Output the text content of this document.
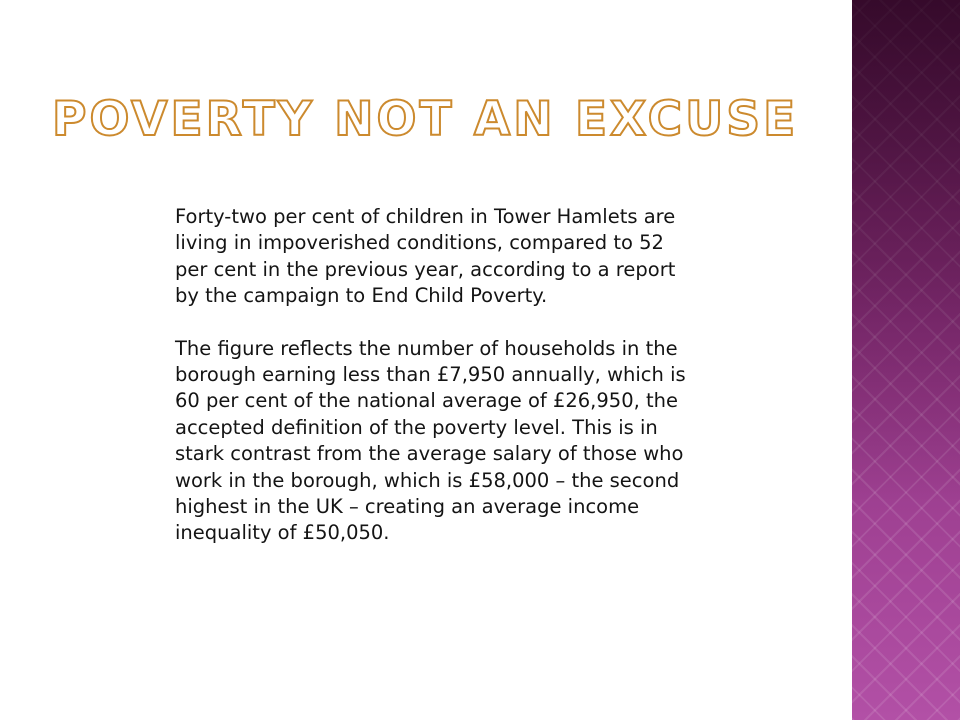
POVERTY NOT AN EXCUSE

Forty-two per cent of children in Tower Hamlets are living in impoverished conditions, compared to 52 per cent in the previous year, according to a report by the campaign to End Child Poverty.

The figure reflects the number of households in the borough earning less than £7,950 annually, which is 60 per cent of the national average of £26,950, the accepted definition of the poverty level. This is in stark contrast from the average salary of those who work in the borough, which is £58,000 – the second highest in the UK – creating an average income inequality of £50,050.
